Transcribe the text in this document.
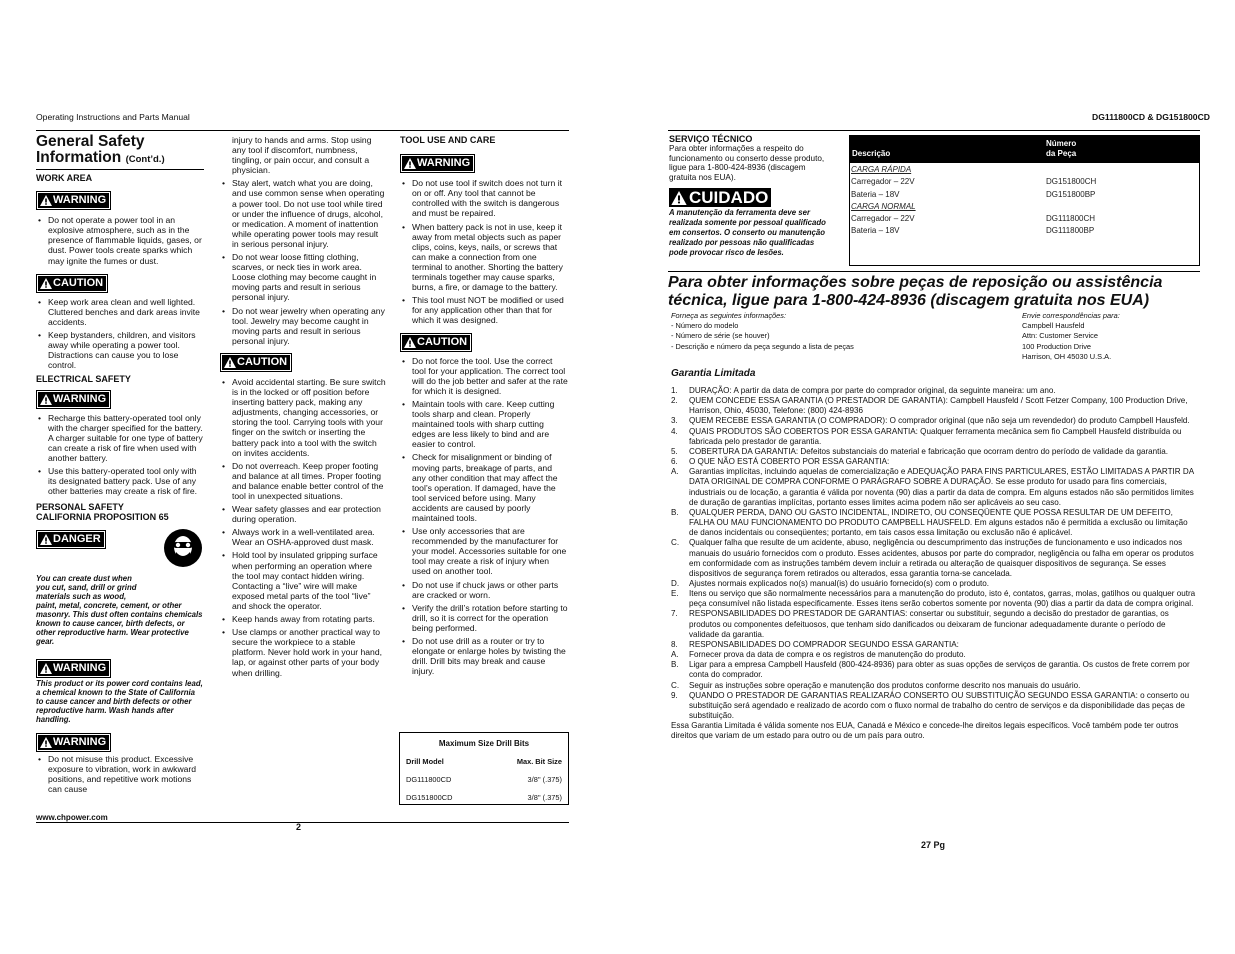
Operating Instructions and Parts Manual
General Safety Information (Cont’d.)
WORK AREA
WARNING
• Do not operate a power tool in an explosive atmosphere, such as in the presence of flammable liquids, gases, or dust. Power tools create sparks which may ignite the fumes or dust.
CAUTION
• Keep work area clean and well lighted. Cluttered benches and dark areas invite accidents.
• Keep bystanders, children, and visitors away while operating a power tool. Distractions can cause you to lose control.
ELECTRICAL SAFETY
WARNING
• Recharge this battery-operated tool only with the charger specified for the battery. A charger suitable for one type of battery can create a risk of fire when used with another battery.
• Use this battery-operated tool only with its designated battery pack. Use of any other batteries may create a risk of fire.
PERSONAL SAFETY
CALIFORNIA PROPOSITION 65
DANGER
You can create dust when you cut, sand, drill or grind materials such as wood,
paint, metal, concrete, cement, or other masonry. This dust often contains chemicals known to cause cancer, birth defects, or other reproductive harm. Wear protective gear.
WARNING
This product or its power cord contains lead, a chemical known to the State of California to cause cancer and birth defects or other reproductive harm. Wash hands after handling.
WARNING
• Do not misuse this product. Excessive exposure to vibration, work in awkward positions, and repetitive work motions can cause
injury to hands and arms. Stop using any tool if discomfort, numbness, tingling, or pain occur, and consult a physician.
• Stay alert, watch what you are doing, and use common sense when operating a power tool. Do not use tool while tired or under the influence of drugs, alcohol, or medication. A moment of inattention while operating power tools may result in serious personal injury.
• Do not wear loose fitting clothing, scarves, or neck ties in work area. Loose clothing may become caught in moving parts and result in serious personal injury.
• Do not wear jewelry when operating any tool. Jewelry may become caught in moving parts and result in serious personal injury.
CAUTION
• Avoid accidental starting. Be sure switch is in the locked or off position before inserting battery pack, making any adjustments, changing accessories, or storing the tool. Carrying tools with your finger on the switch or inserting the battery pack into a tool with the switch on invites accidents.
• Do not overreach. Keep proper footing and balance at all times. Proper footing and balance enable better control of the tool in unexpected situations.
• Wear safety glasses and ear protection during operation.
• Always work in a well-ventilated area. Wear an OSHA-approved dust mask.
• Hold tool by insulated gripping surface when performing an operation where the tool may contact hidden wiring. Contacting a “live” wire will make exposed metal parts of the tool “live” and shock the operator.
• Keep hands away from rotating parts.
• Use clamps or another practical way to secure the workpiece to a stable platform. Never hold work in your hand, lap, or against other parts of your body when drilling.
TOOL USE AND CARE
WARNING
• Do not use tool if switch does not turn it on or off. Any tool that cannot be controlled with the switch is dangerous and must be repaired.
• When battery pack is not in use, keep it away from metal objects such as paper clips, coins, keys, nails, or screws that can make a connection from one terminal to another. Shorting the battery terminals together may cause sparks, burns, a fire, or damage to the battery.
• This tool must NOT be modified or used for any application other than that for which it was designed.
CAUTION
• Do not force the tool. Use the correct tool for your application. The correct tool will do the job better and safer at the rate for which it is designed.
• Maintain tools with care. Keep cutting tools sharp and clean. Properly maintained tools with sharp cutting edges are less likely to bind and are easier to control.
• Check for misalignment or binding of moving parts, breakage of parts, and any other condition that may affect the tool’s operation. If damaged, have the tool serviced before using. Many accidents are caused by poorly maintained tools.
• Use only accessories that are recommended by the manufacturer for your model. Accessories suitable for one tool may create a risk of injury when used on another tool.
• Do not use if chuck jaws or other parts are cracked or worn.
• Verify the drill’s rotation before starting to drill, so it is correct for the operation being performed.
• Do not use drill as a router or try to elongate or enlarge holes by twisting the drill. Drill bits may break and cause injury.
Maximum Size Drill Bits
Drill Model	Max. Bit Size
DG111800CD	3/8'' (.375)
DG151800CD	3/8'' (.375)
www.chpower.com
2
DG111800CD & DG151800CD
SERVIÇO TÉCNICO
Para obter informações a respeito do funcionamento ou conserto desse produto, ligue para 1-800-424-8936 (discagem gratuita nos EUA).
CUIDADO
A manutenção da ferramenta deve ser realizada somente por pessoal qualificado em consertos. O conserto ou manutenção realizado por pessoas não qualificadas pode provocar risco de lesões.
Descrição
Número
da Peça
CARGA RÁPIDA
Carregador – 22V	DG151800CH
Bateria – 18V	DG151800BP
CARGA NORMAL
Carregador – 22V	DG111800CH
Bateria – 18V	DG111800BP
Para obter informações sobre peças de reposição ou assistência técnica, ligue para 1-800-424-8936 (discagem gratuita nos EUA)
Forneça as seguintes informações:
- Número do modelo
- Número de série (se houver)
- Descrição e número da peça segundo a lista de peças
Envie correspondências para:
Campbell Hausfeld
Attn: Customer Service
100 Production Drive
Harrison, OH 45030 U.S.A.
Garantia Limitada
1. DURAÇÃO: A partir da data de compra por parte do comprador original, da seguinte maneira: um ano.
2. QUEM CONCEDE ESSA GARANTIA (O PRESTADOR DE GARANTIA): Campbell Hausfeld / Scott Fetzer Company, 100 Production Drive, Harrison, Ohio, 45030, Telefone: (800) 424-8936
3. QUEM RECEBE ESSA GARANTIA (O COMPRADOR): O comprador original (que não seja um revendedor) do produto Campbell Hausfeld.
4. QUAIS PRODUTOS SÃO COBERTOS POR ESSA GARANTIA: Qualquer ferramenta mecânica sem fio Campbell Hausfeld distribuída ou fabricada pelo prestador de garantia.
5. COBERTURA DA GARANTIA: Defeitos substanciais do material e fabricação que ocorram dentro do período de validade da garantia.
6. O QUE NÃO ESTÁ COBERTO POR ESSA GARANTIA:
A. Garantias implícitas, incluindo aquelas de comercialização e ADEQUAÇÃO PARA FINS PARTICULARES, ESTÃO LIMITADAS A PARTIR DA DATA ORIGINAL DE COMPRA CONFORME O PARÁGRAFO SOBRE A DURAÇÃO. Se esse produto for usado para fins comerciais, industriais ou de locação, a garantia é válida por noventa (90) dias a partir da data de compra. Em alguns estados não são permitidos limites de duração de garantias implícitas, portanto esses limites acima podem não ser aplicáveis ao seu caso.
B. QUALQUER PERDA, DANO OU GASTO INCIDENTAL, INDIRETO, OU CONSEQÜENTE QUE POSSA RESULTAR DE UM DEFEITO, FALHA OU MAU FUNCIONAMENTO DO PRODUTO CAMPBELL HAUSFELD. Em alguns estados não é permitida a exclusão ou limitação de danos incidentais ou conseqüentes; portanto, em tais casos essa limitação ou exclusão não é aplicável.
C. Qualquer falha que resulte de um acidente, abuso, negligência ou descumprimento das instruções de funcionamento e uso indicados nos manuais do usuário fornecidos com o produto. Esses acidentes, abusos por parte do comprador, negligência ou falha em operar os produtos em conformidade com as instruções também devem incluir a retirada ou alteração de quaisquer dispositivos de segurança. Se esses dispositivos de segurança forem retirados ou alterados, essa garantia torna-se cancelada.
D. Ajustes normais explicados no(s) manual(is) do usuário fornecido(s) com o produto.
E. Itens ou serviço que são normalmente necessários para a manutenção do produto, isto é, contatos, garras, molas, gatilhos ou qualquer outra peça consumível não listada especificamente. Esses itens serão cobertos somente por noventa (90) dias a partir da data de compra original.
7. RESPONSABILIDADES DO PRESTADOR DE GARANTIAS: consertar ou substituir, segundo a decisão do prestador de garantias, os produtos ou componentes defeituosos, que tenham sido danificados ou deixaram de funcionar adequadamente durante o período de validade da garantia.
8. RESPONSABILIDADES DO COMPRADOR SEGUNDO ESSA GARANTIA:
A. Fornecer prova da data de compra e os registros de manutenção do produto.
B. Ligar para a empresa Campbell Hausfeld (800-424-8936) para obter as suas opções de serviços de garantia. Os custos de frete correm por conta do comprador.
C. Seguir as instruções sobre operação e manutenção dos produtos conforme descrito nos manuais do usuário.
9. QUANDO O PRESTADOR DE GARANTIAS REALIZARÁO CONSERTO OU SUBSTITUIÇÃO SEGUNDO ESSA GARANTIA: o conserto ou substituição será agendado e realizado de acordo com o fluxo normal de trabalho do centro de serviços e da disponibilidade das peças de substituição.
Essa Garantia Limitada é válida somente nos EUA, Canadá e México e concede-lhe direitos legais específicos. Você também pode ter outros direitos que variam de um estado para outro ou de um país para outro.
27 Pg
